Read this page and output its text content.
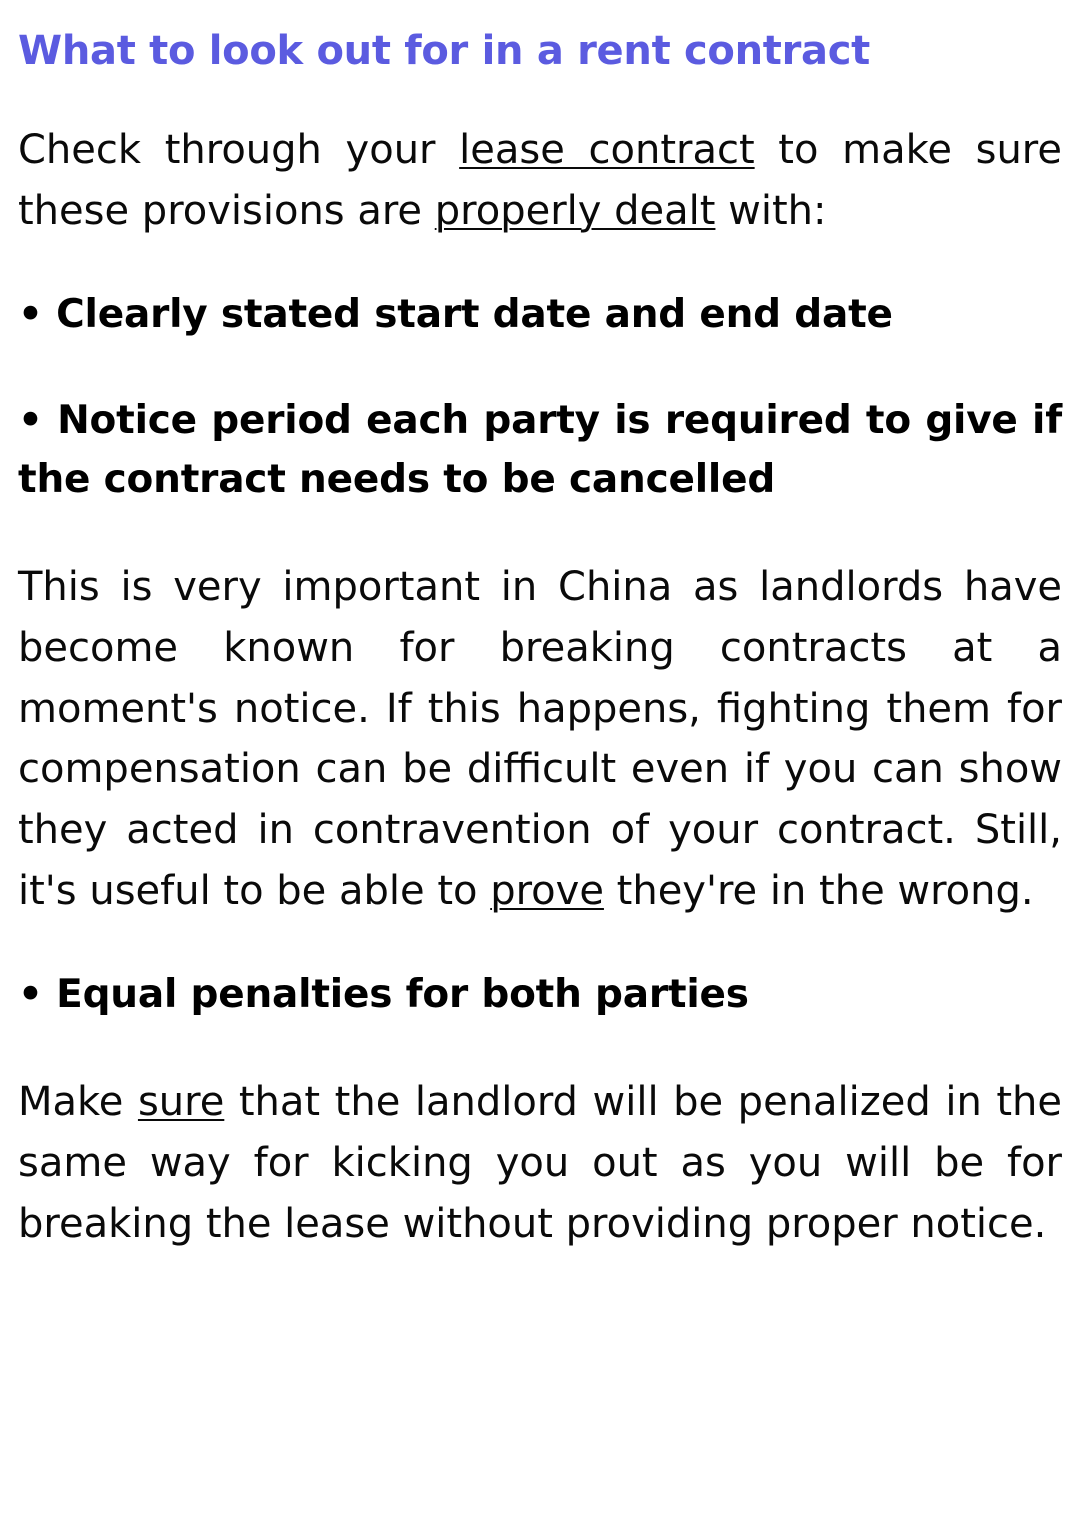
What to look out for in a rent contract

Check through your lease contract to make sure these provisions are properly dealt with:

• Clearly stated start date and end date

• Notice period each party is required to give if the contract needs to be cancelled

This is very important in China as landlords have become known for breaking contracts at a moment's notice. If this happens, fighting them for compensation can be difficult even if you can show they acted in contravention of your contract. Still, it's useful to be able to prove they're in the wrong.

• Equal penalties for both parties

Make sure that the landlord will be penalized in the same way for kicking you out as you will be for breaking the lease without providing proper notice.
